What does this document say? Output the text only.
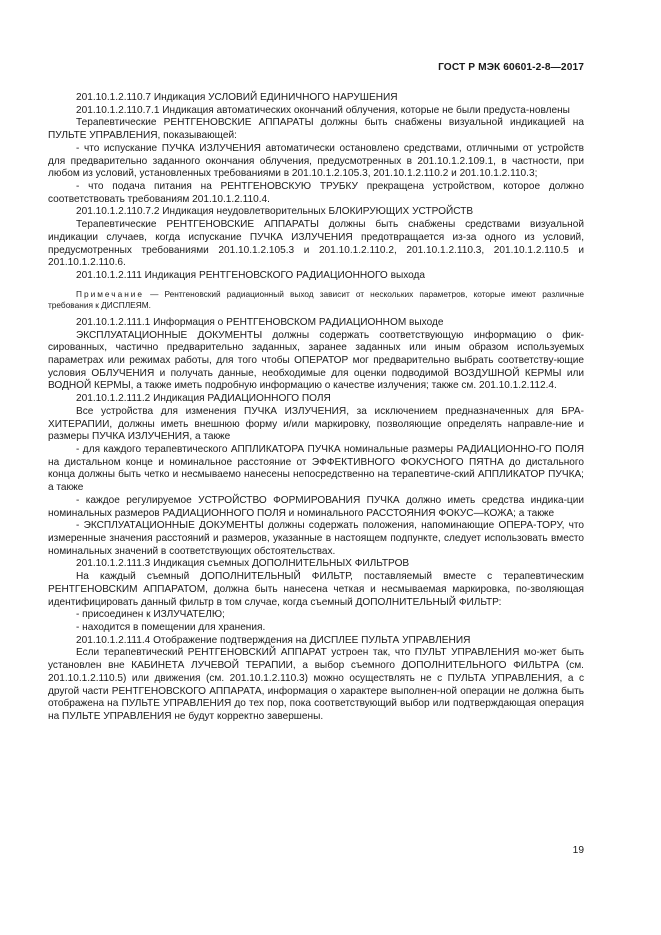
ГОСТ Р МЭК 60601-2-8—2017

201.10.1.2.110.7 Индикация УСЛОВИЙ ЕДИНИЧНОГО НАРУШЕНИЯ

201.10.1.2.110.7.1 Индикация автоматических окончаний облучения, которые не были предуста-новлены

Терапевтические РЕНТГЕНОВСКИЕ АППАРАТЫ должны быть снабжены визуальной индикацией на ПУЛЬТЕ УПРАВЛЕНИЯ, показывающей:

- что испускание ПУЧКА ИЗЛУЧЕНИЯ автоматически остановлено средствами, отличными от устройств для предварительно заданного окончания облучения, предусмотренных в 201.10.1.2.109.1, в частности, при любом из условий, установленных требованиями в 201.10.1.2.105.3, 201.10.1.2.110.2 и 201.10.1.2.110.3;

- что подача питания на РЕНТГЕНОВСКУЮ ТРУБКУ прекращена устройством, которое должно соответствовать требованиям 201.10.1.2.110.4.

201.10.1.2.110.7.2 Индикация неудовлетворительных БЛОКИРУЮЩИХ УСТРОЙСТВ

Терапевтические РЕНТГЕНОВСКИЕ АППАРАТЫ должны быть снабжены средствами визуальной индикации случаев, когда испускание ПУЧКА ИЗЛУЧЕНИЯ предотвращается из-за одного из условий, предусмотренных требованиями 201.10.1.2.105.3 и 201.10.1.2.110.2, 201.10.1.2.110.3, 201.10.1.2.110.5 и 201.10.1.2.110.6.

201.10.1.2.111 Индикация РЕНТГЕНОВСКОГО РАДИАЦИОННОГО выхода

Примечание — Рентгеновский радиационный выход зависит от нескольких параметров, которые имеют различные требования к ДИСПЛЕЯМ.

201.10.1.2.111.1 Информация о РЕНТГЕНОВСКОМ РАДИАЦИОННОМ выходе

ЭКСПЛУАТАЦИОННЫЕ ДОКУМЕНТЫ должны содержать соответствующую информацию о фик-сированных, частично предварительно заданных, заранее заданных или иным образом используемых параметрах или режимах работы, для того чтобы ОПЕРАТОР мог предварительно выбрать соответству-ющие условия ОБЛУЧЕНИЯ и получать данные, необходимые для оценки подводимой ВОЗДУШНОЙ КЕРМЫ или ВОДНОЙ КЕРМЫ, а также иметь подробную информацию о качестве излучения; также см. 201.10.1.2.112.4.

201.10.1.2.111.2 Индикация РАДИАЦИОННОГО ПОЛЯ

Все устройства для изменения ПУЧКА ИЗЛУЧЕНИЯ, за исключением предназначенных для БРА-ХИТЕРАПИИ, должны иметь внешнюю форму и/или маркировку, позволяющие определять направле-ние и размеры ПУЧКА ИЗЛУЧЕНИЯ, а также

- для каждого терапевтического АППЛИКАТОРА ПУЧКА номинальные размеры РАДИАЦИОННО-ГО ПОЛЯ на дистальном конце и номинальное расстояние от ЭФФЕКТИВНОГО ФОКУСНОГО ПЯТНА до дистального конца должны быть четко и несмываемо нанесены непосредственно на терапевтиче-ский АППЛИКАТОР ПУЧКА; а также

- каждое регулируемое УСТРОЙСТВО ФОРМИРОВАНИЯ ПУЧКА должно иметь средства индика-ции номинальных размеров РАДИАЦИОННОГО ПОЛЯ и номинального РАССТОЯНИЯ ФОКУС—КОЖА; а также

- ЭКСПЛУАТАЦИОННЫЕ ДОКУМЕНТЫ должны содержать положения, напоминающие ОПЕРА-ТОРУ, что измеренные значения расстояний и размеров, указанные в настоящем подпункте, следует использовать вместо номинальных значений в соответствующих обстоятельствах.

201.10.1.2.111.3 Индикация съемных ДОПОЛНИТЕЛЬНЫХ ФИЛЬТРОВ

На каждый съемный ДОПОЛНИТЕЛЬНЫЙ ФИЛЬТР, поставляемый вместе с терапевтическим РЕНТГЕНОВСКИМ АППАРАТОМ, должна быть нанесена четкая и несмываемая маркировка, по-зволяющая идентифицировать данный фильтр в том случае, когда съемный ДОПОЛНИТЕЛЬНЫЙ ФИЛЬТР:

- присоединен к ИЗЛУЧАТЕЛЮ;

- находится в помещении для хранения.

201.10.1.2.111.4 Отображение подтверждения на ДИСПЛЕЕ ПУЛЬТА УПРАВЛЕНИЯ

Если терапевтический РЕНТГЕНОВСКИЙ АППАРАТ устроен так, что ПУЛЬТ УПРАВЛЕНИЯ мо-жет быть установлен вне КАБИНЕТА ЛУЧЕВОЙ ТЕРАПИИ, а выбор съемного ДОПОЛНИТЕЛЬНОГО ФИЛЬТРА (см. 201.10.1.2.110.5) или движения (см. 201.10.1.2.110.3) можно осуществлять не с ПУЛЬТА УПРАВЛЕНИЯ, а с другой части РЕНТГЕНОВСКОГО АППАРАТА, информация о характере выполнен-ной операции не должна быть отображена на ПУЛЬТЕ УПРАВЛЕНИЯ до тех пор, пока соответствующий выбор или подтверждающая операция на ПУЛЬТЕ УПРАВЛЕНИЯ не будут корректно завершены.

19
